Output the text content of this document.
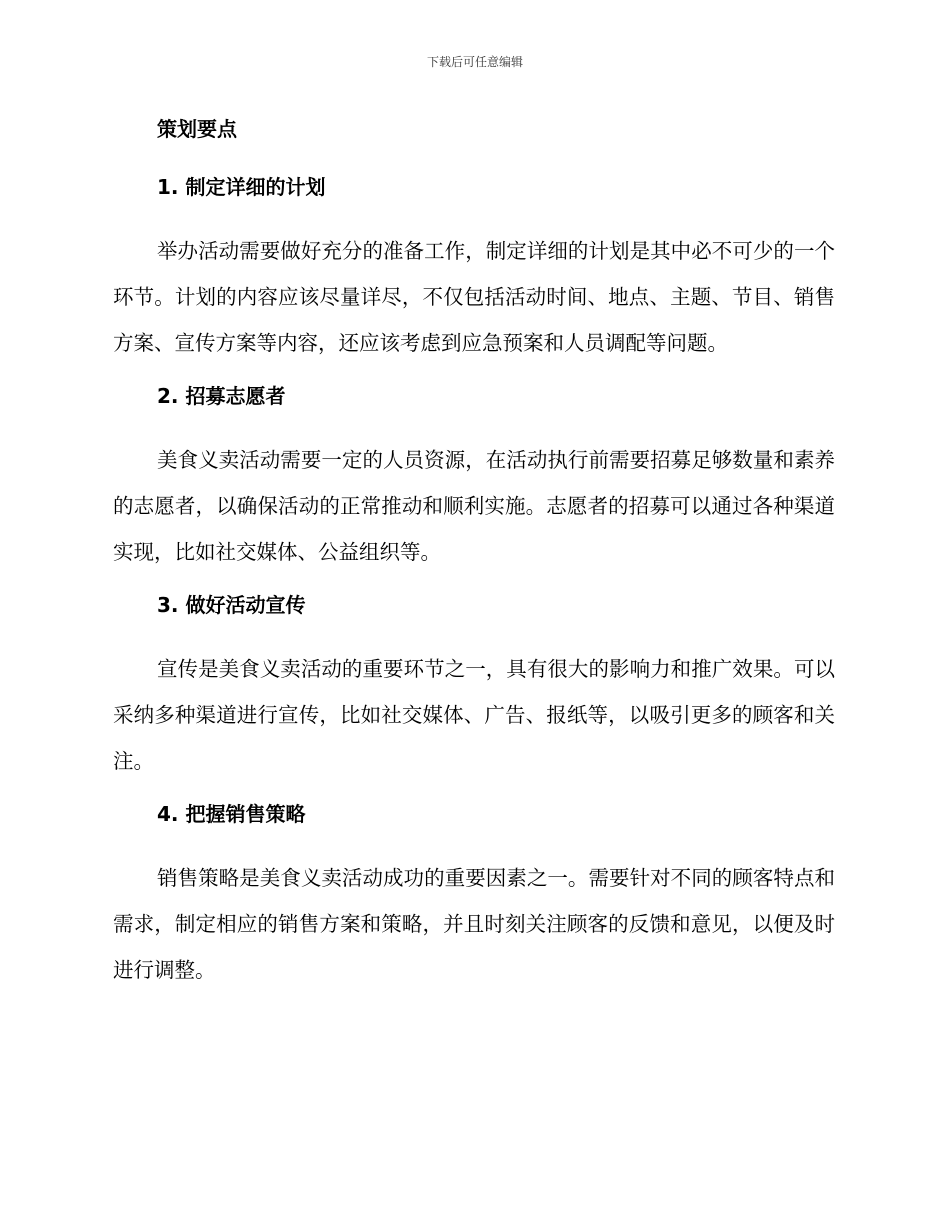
下载后可任意编辑
策划要点
1. 制定详细的计划

举办活动需要做好充分的准备工作，制定详细的计划是其中必不可少的一个环节。计划的内容应该尽量详尽，不仅包括活动时间、地点、主题、节目、销售方案、宣传方案等内容，还应该考虑到应急预案和人员调配等问题。

2. 招募志愿者

美食义卖活动需要一定的人员资源，在活动执行前需要招募足够数量和素养的志愿者，以确保活动的正常推动和顺利实施。志愿者的招募可以通过各种渠道实现，比如社交媒体、公益组织等。

3. 做好活动宣传

宣传是美食义卖活动的重要环节之一，具有很大的影响力和推广效果。可以采纳多种渠道进行宣传，比如社交媒体、广告、报纸等，以吸引更多的顾客和关注。

4. 把握销售策略

销售策略是美食义卖活动成功的重要因素之一。需要针对不同的顾客特点和需求，制定相应的销售方案和策略，并且时刻关注顾客的反馈和意见，以便及时进行调整。
